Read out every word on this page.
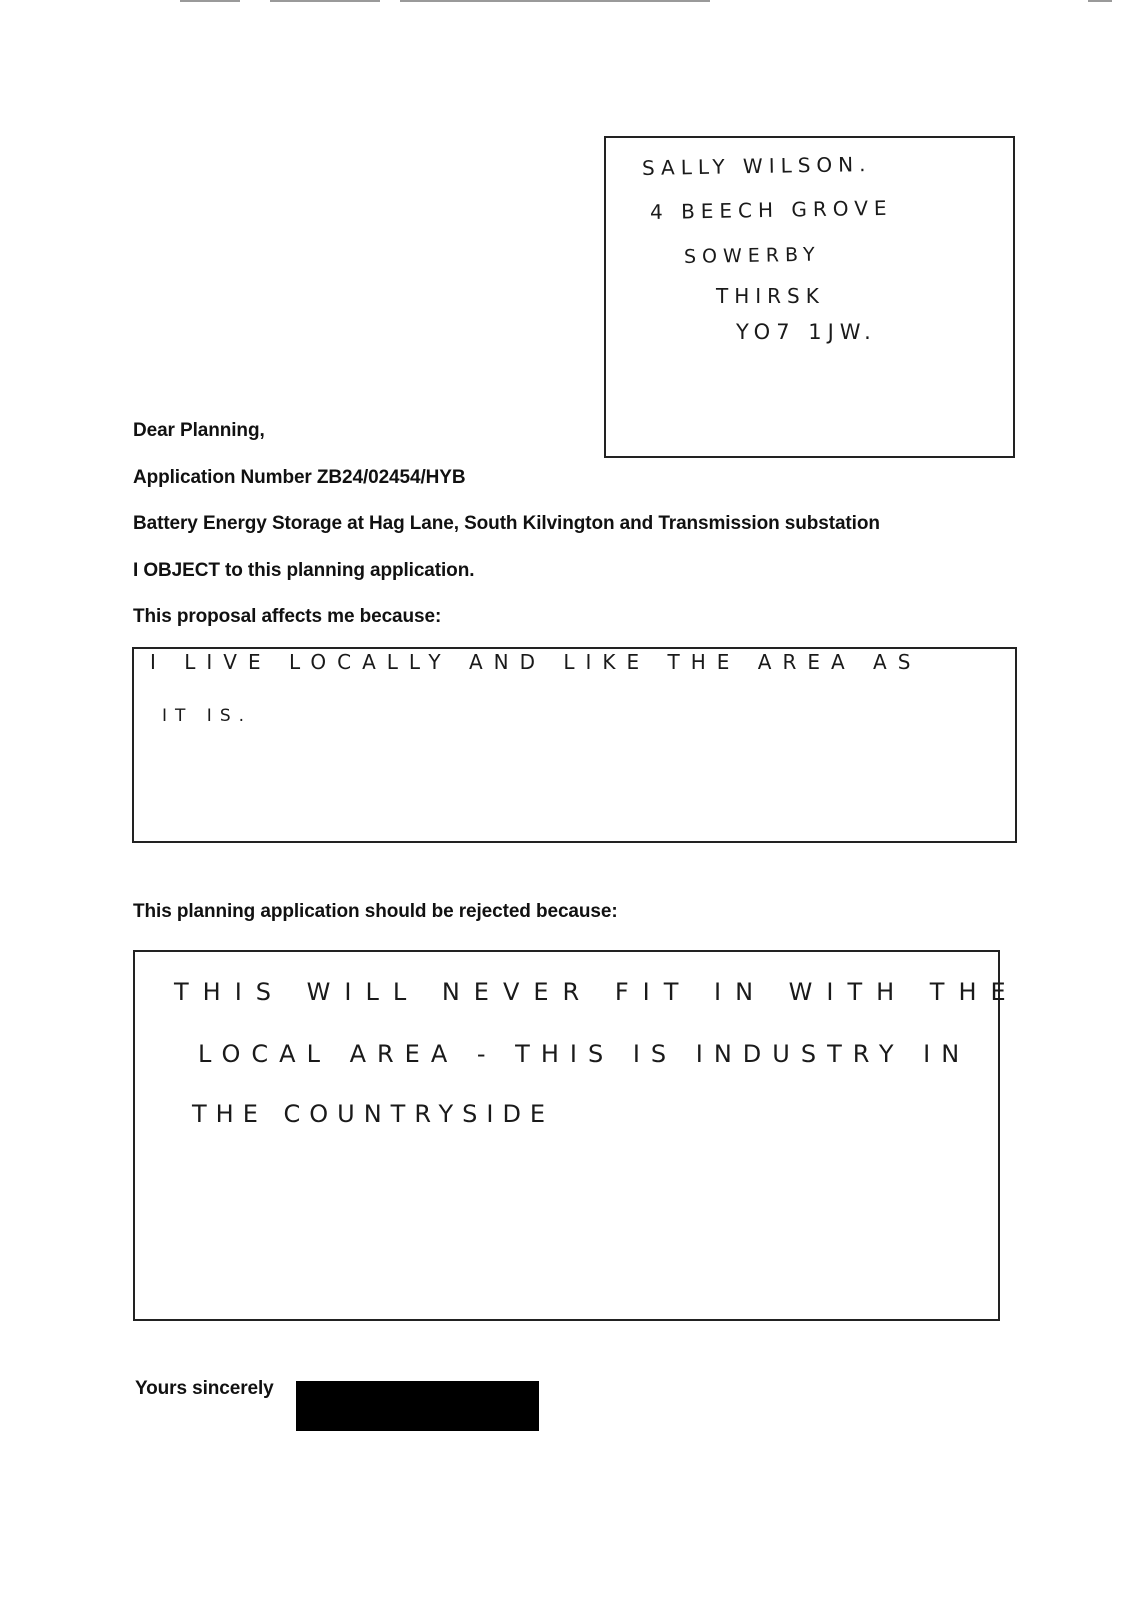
SALLY WILSON.
4 BEECH GROVE
SOWERBY
THIRSK
YO7 1JW.
Dear Planning,
Application Number ZB24/02454/HYB
Battery Energy Storage at Hag Lane, South Kilvington and Transmission substation
I OBJECT to this planning application.
This proposal affects me because:
I LIVE LOCALLY AND LIKE THE AREA AS
IT IS.
This planning application should be rejected because:
THIS WILL NEVER FIT IN WITH THE
LOCAL AREA - THIS IS INDUSTRY IN
THE COUNTRYSIDE
Yours sincerely
